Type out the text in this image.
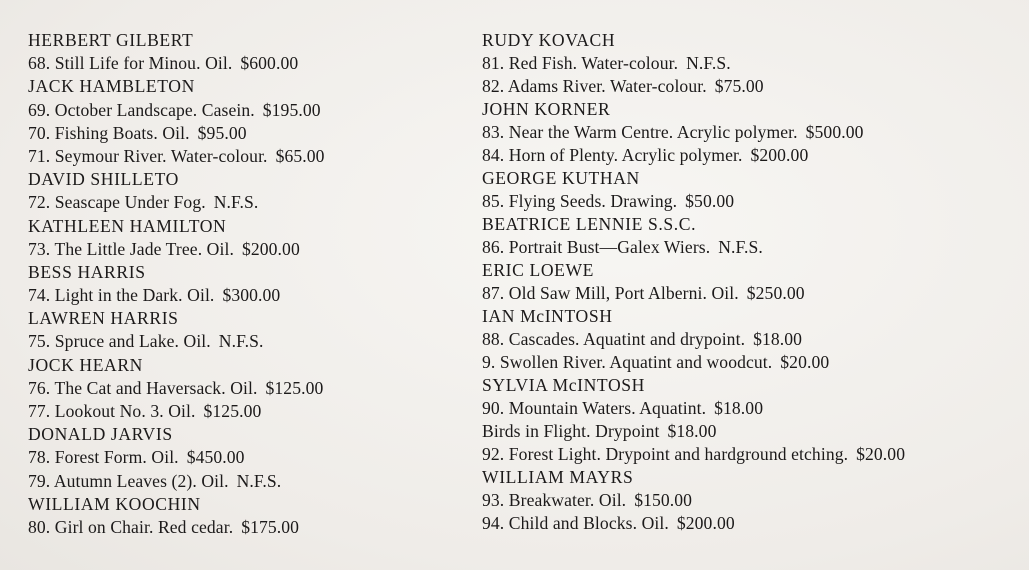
HERBERT GILBERT
68. Still Life for Minou. Oil. $600.00
JACK HAMBLETON
69. October Landscape. Casein. $195.00
70. Fishing Boats. Oil. $95.00
71. Seymour River. Water-colour. $65.00
DAVID SHILLETO
72. Seascape Under Fog. N.F.S.
KATHLEEN HAMILTON
73. The Little Jade Tree. Oil. $200.00
BESS HARRIS
74. Light in the Dark. Oil. $300.00
LAWREN HARRIS
75. Spruce and Lake. Oil. N.F.S.
JOCK HEARN
76. The Cat and Haversack. Oil. $125.00
77. Lookout No. 3. Oil. $125.00
DONALD JARVIS
78. Forest Form. Oil. $450.00
79. Autumn Leaves (2). Oil. N.F.S.
WILLIAM KOOCHIN
80. Girl on Chair. Red cedar. $175.00
RUDY KOVACH
81. Red Fish. Water-colour. N.F.S.
82. Adams River. Water-colour. $75.00
JOHN KORNER
83. Near the Warm Centre. Acrylic polymer. $500.00
84. Horn of Plenty. Acrylic polymer. $200.00
GEORGE KUTHAN
85. Flying Seeds. Drawing. $50.00
BEATRICE LENNIE S.S.C.
86. Portrait Bust—Galex Wiers. N.F.S.
ERIC LOEWE
87. Old Saw Mill, Port Alberni. Oil. $250.00
IAN McINTOSH
88. Cascades. Aquatint and drypoint. $18.00
9. Swollen River. Aquatint and woodcut. $20.00
SYLVIA McINTOSH
90. Mountain Waters. Aquatint. $18.00
Birds in Flight. Drypoint $18.00
92. Forest Light. Drypoint and hardground etching. $20.00
WILLIAM MAYRS
93. Breakwater. Oil. $150.00
94. Child and Blocks. Oil. $200.00
